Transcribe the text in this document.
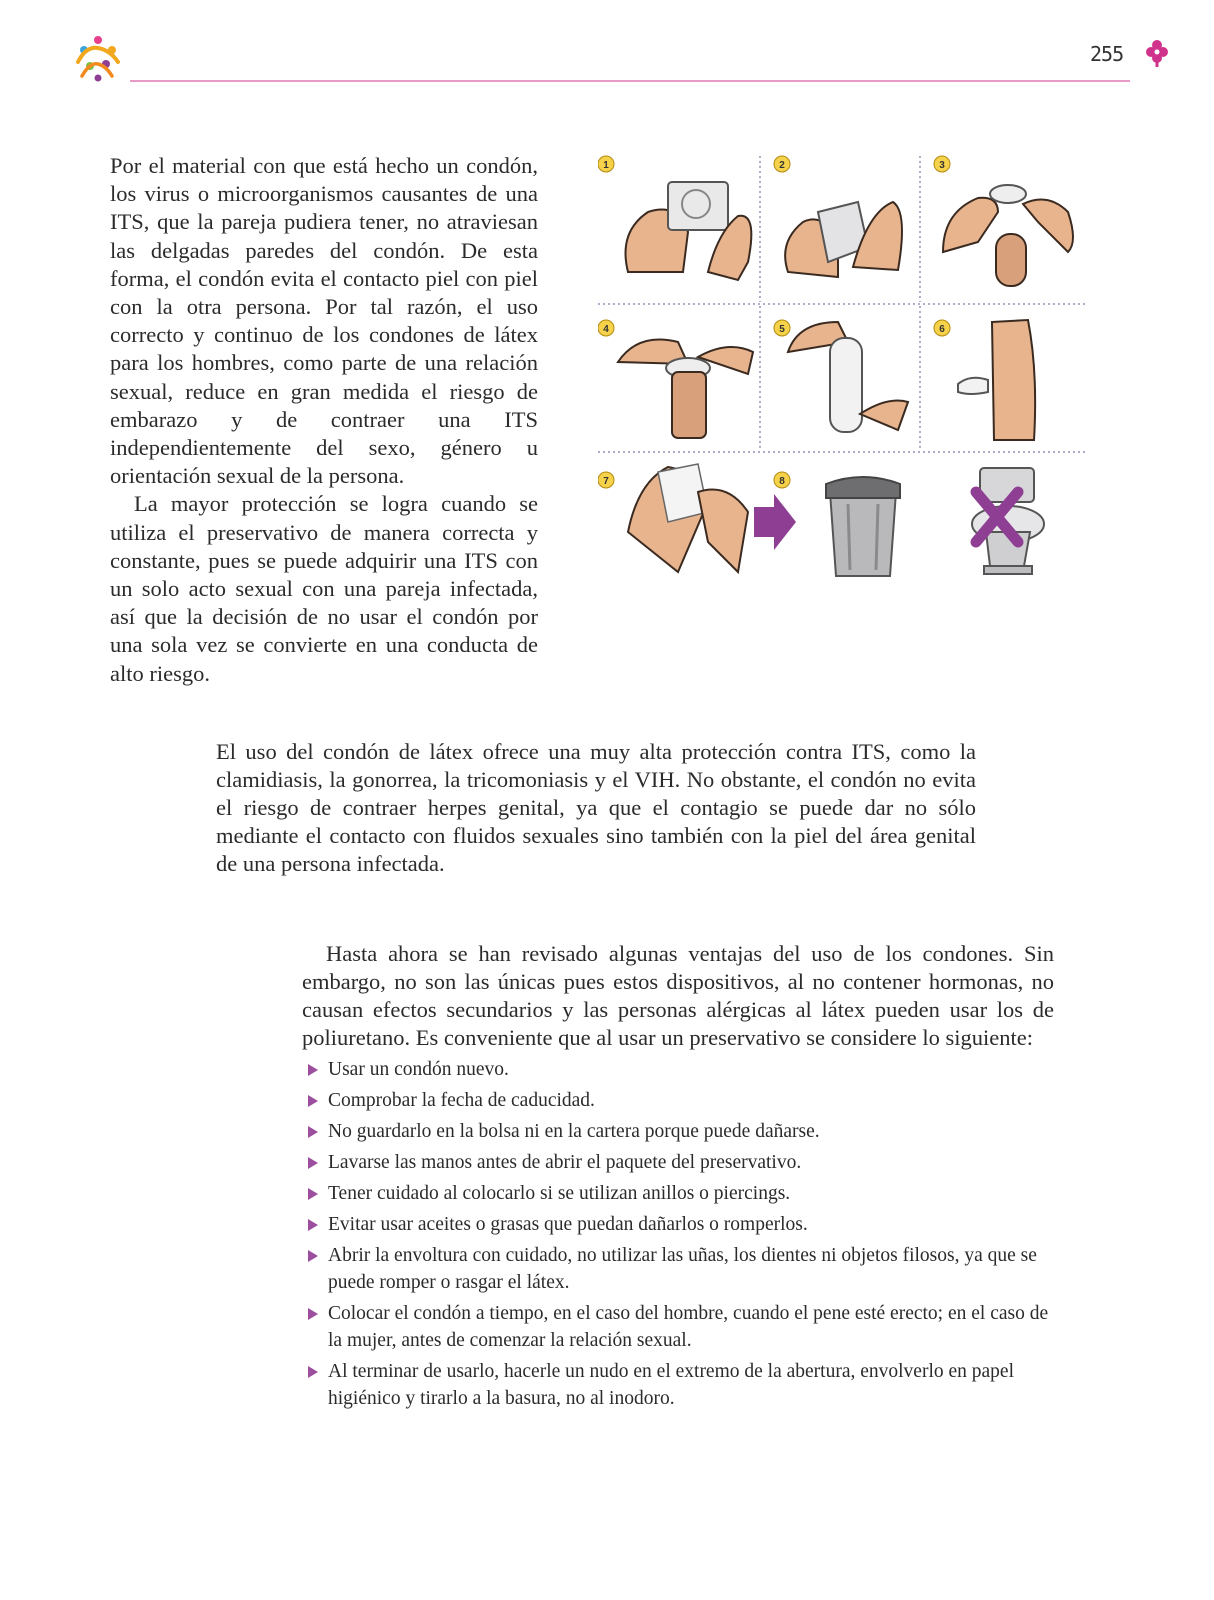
255

Por el material con que está hecho un condón, los virus o microorganismos causantes de una ITS, que la pareja pudiera tener, no atraviesan las delgadas paredes del condón. De esta forma, el condón evita el contacto piel con piel con la otra persona. Por tal razón, el uso correcto y continuo de los condones de látex para los hombres, como parte de una relación sexual, reduce en gran medida el riesgo de embarazo y de contraer una ITS independientemente del sexo, género u orientación sexual de la persona.

La mayor protección se logra cuando se utiliza el preservativo de manera correcta y constante, pues se puede adquirir una ITS con un solo acto sexual con una pareja infectada, así que la decisión de no usar el condón por una sola vez se convierte en una conducta de alto riesgo.

1	2	3
4	5	6
7	8

El uso del condón de látex ofrece una muy alta protección contra ITS, como la clamidiasis, la gonorrea, la tricomoniasis y el VIH. No obstante, el condón no evita el riesgo de contraer herpes genital, ya que el contagio se puede dar no sólo mediante el contacto con fluidos sexuales sino también con la piel del área genital de una persona infectada.

Hasta ahora se han revisado algunas ventajas del uso de los condones. Sin embargo, no son las únicas pues estos dispositivos, al no contener hormonas, no causan efectos secundarios y las personas alérgicas al látex pueden usar los de poliuretano. Es conveniente que al usar un preservativo se considere lo siguiente:

Usar un condón nuevo.
Comprobar la fecha de caducidad.
No guardarlo en la bolsa ni en la cartera porque puede dañarse.
Lavarse las manos antes de abrir el paquete del preservativo.
Tener cuidado al colocarlo si se utilizan anillos o piercings.
Evitar usar aceites o grasas que puedan dañarlos o romperlos.
Abrir la envoltura con cuidado, no utilizar las uñas, los dientes ni objetos filosos, ya que se puede romper o rasgar el látex.
Colocar el condón a tiempo, en el caso del hombre, cuando el pene esté erecto; en el caso de la mujer, antes de comenzar la relación sexual.
Al terminar de usarlo, hacerle un nudo en el extremo de la abertura, envolverlo en papel higiénico y tirarlo a la basura, no al inodoro.
